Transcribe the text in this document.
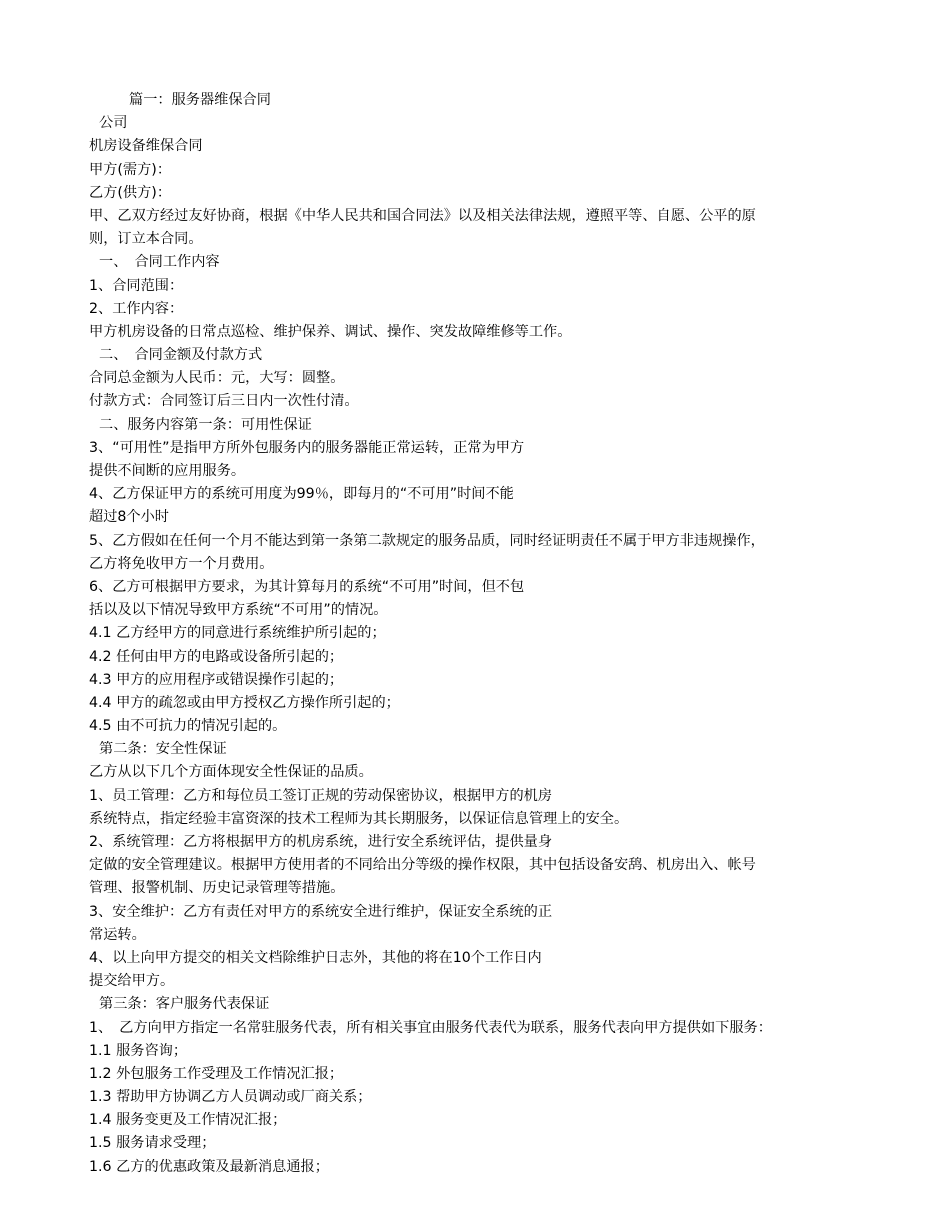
篇一：服务器维保合同
公司
机房设备维保合同
甲方(需方)：
乙方(供方)：
甲、乙双方经过友好协商，根据《中华人民共和国合同法》以及相关法律法规，遵照平等、自愿、公平的原
则，订立本合同。
一、　合同工作内容
1、合同范围：
2、工作内容：
甲方机房设备的日常点巡检、维护保养、调试、操作、突发故障维修等工作。
二、　合同金额及付款方式
合同总金额为人民币：元，大写：圆整。
付款方式：合同签订后三日内一次性付清。
二、服务内容第一条：可用性保证
3、“可用性”是指甲方所外包服务内的服务器能正常运转，正常为甲方
提供不间断的应用服务。
4、乙方保证甲方的系统可用度为99％，即每月的“不可用”时间不能
超过8个小时
5、乙方假如在任何一个月不能达到第一条第二款规定的服务品质，同时经证明责任不属于甲方非违规操作，
乙方将免收甲方一个月费用。
6、乙方可根据甲方要求，为其计算每月的系统“不可用”时间，但不包
括以及以下情况导致甲方系统“不可用”的情况。
4.1 乙方经甲方的同意进行系统维护所引起的；
4.2 任何由甲方的电路或设备所引起的；
4.3 甲方的应用程序或错误操作引起的；
4.4 甲方的疏忽或由甲方授权乙方操作所引起的；
4.5 由不可抗力的情况引起的。
第二条：安全性保证
乙方从以下几个方面体现安全性保证的品质。
1、员工管理：乙方和每位员工签订正规的劳动保密协议，根据甲方的机房
系统特点，指定经验丰富资深的技术工程师为其长期服务，以保证信息管理上的安全。
2、系统管理：乙方将根据甲方的机房系统，进行安全系统评估，提供量身
定做的安全管理建议。根据甲方使用者的不同给出分等级的操作权限，其中包括设备安鸹、机房出入、帐号
管理、报警机制、历史记录管理等措施。
3、安全维护：乙方有责任对甲方的系统安全进行维护，保证安全系统的正
常运转。
4、以上向甲方提交的相关文档除维护日志外，其他的将在10个工作日内
提交给甲方。
第三条：客户服务代表保证
1、　乙方向甲方指定一名常驻服务代表，所有相关事宜由服务代表代为联系，服务代表向甲方提供如下服务：
1.1 服务咨询；
1.2 外包服务工作受理及工作情况汇报；
1.3 帮助甲方协调乙方人员调动或厂商关系；
1.4 服务变更及工作情况汇报；
1.5 服务请求受理；
1.6 乙方的优惠政策及最新消息通报；
